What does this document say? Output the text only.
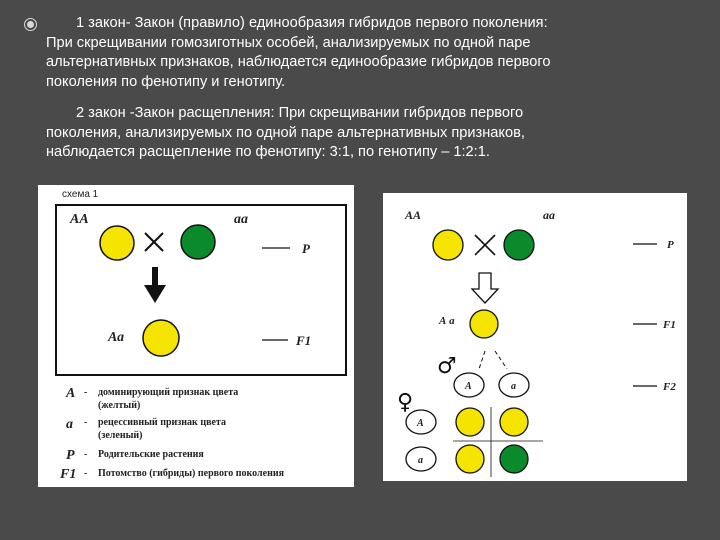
1 закон- Закон (правило) единообразия гибридов первого поколения:
При скрещивании гомозиготных особей, анализируемых по одной паре
альтернативных признаков, наблюдается единообразие гибридов первого
поколения по фенотипу и генотипу.
2 закон -Закон расщепления: При скрещивании гибридов первого
поколения, анализируемых по одной паре альтернативных признаков,
наблюдается расщепление по фенотипу: 3:1, по генотипу – 1:2:1.
схема 1
АА	аа
Р
Аа	F1
А - доминирующий признак цвета
(желтый)
а - рецессивный признак цвета
(зеленый)
Р - Родительские растения
F1 - Потомство (гибриды) первого поколения
АА	аа
Р
А а	F1
♂
А	а	F2
♀
А
а
